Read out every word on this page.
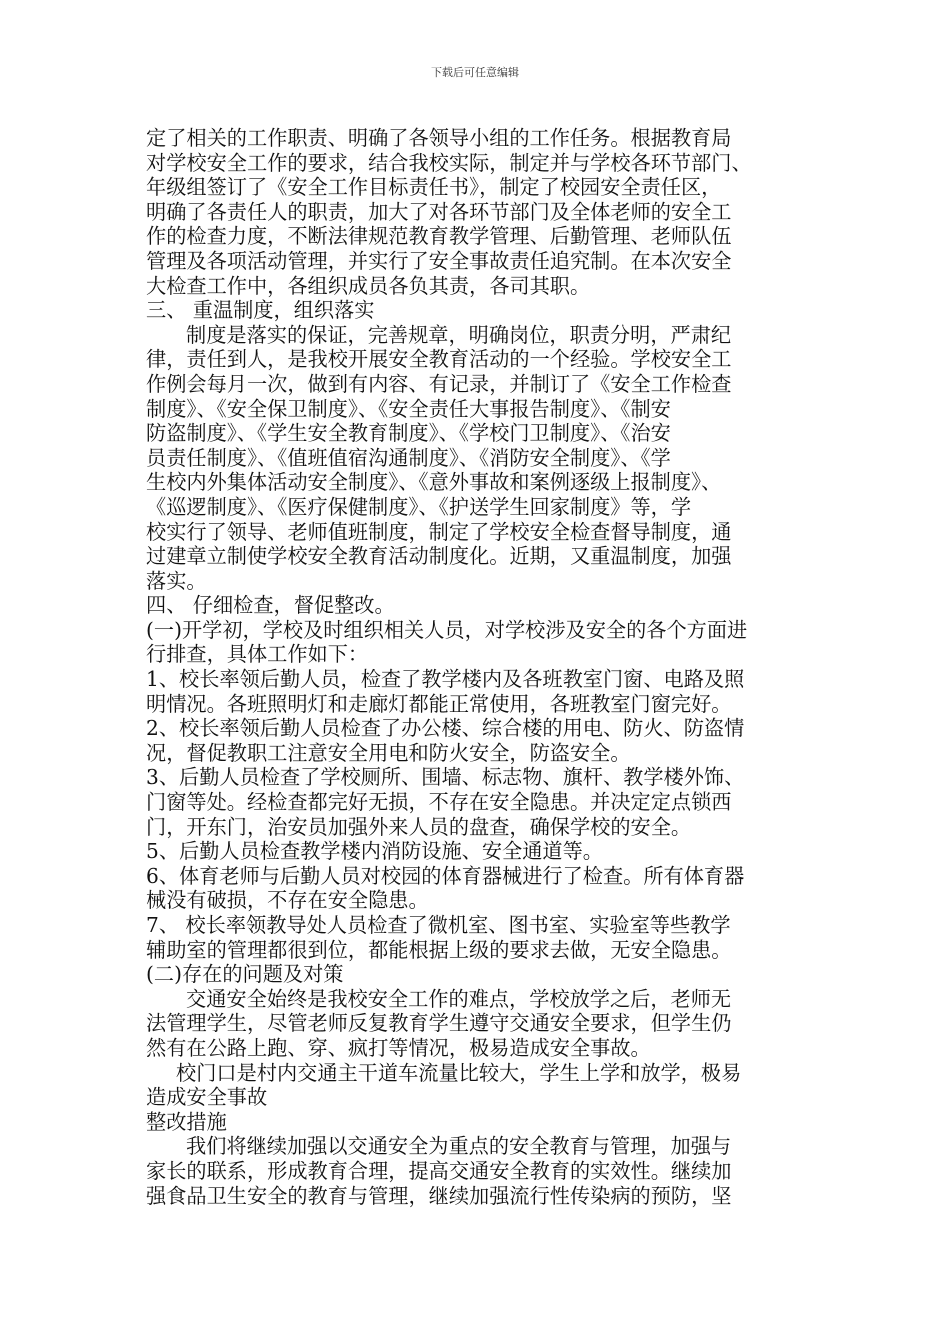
下载后可任意编辑
定了相关的工作职责、明确了各领导小组的工作任务。根据教育局
对学校安全工作的要求，结合我校实际，制定并与学校各环节部门、
年级组签订了《安全工作目标责任书》，制定了校园安全责任区，
明确了各责任人的职责，加大了对各环节部门及全体老师的安全工
作的检查力度，不断法律规范教育教学管理、后勤管理、老师队伍
管理及各项活动管理，并实行了安全事故责任追究制。在本次安全
大检查工作中，各组织成员各负其责，各司其职。
三、 重温制度，组织落实
制度是落实的保证，完善规章，明确岗位，职责分明，严肃纪
律，责任到人，是我校开展安全教育活动的一个经验。学校安全工
作例会每月一次，做到有内容、有记录，并制订了《安全工作检查
制度》、《安全保卫制度》、《安全责任大事报告制度》、《制安
防盗制度》、《学生安全教育制度》、《学校门卫制度》、《治安
员责任制度》、《值班值宿沟通制度》、《消防安全制度》、《学
生校内外集体活动安全制度》、《意外事故和案例逐级上报制度》、
《巡逻制度》、《医疗保健制度》、《护送学生回家制度》等，学
校实行了领导、老师值班制度，制定了学校安全检查督导制度，通
过建章立制使学校安全教育活动制度化。近期，又重温制度，加强
落实。
四、 仔细检查，督促整改。
(一)开学初，学校及时组织相关人员，对学校涉及安全的各个方面进
行排查，具体工作如下：
1、校长率领后勤人员，检查了教学楼内及各班教室门窗、电路及照
明情况。各班照明灯和走廊灯都能正常使用，各班教室门窗完好。
2、校长率领后勤人员检查了办公楼、综合楼的用电、防火、防盗情
况，督促教职工注意安全用电和防火安全，防盗安全。
3、后勤人员检查了学校厕所、围墙、标志物、旗杆、教学楼外饰、
门窗等处。经检查都完好无损，不存在安全隐患。并决定定点锁西
门，开东门，治安员加强外来人员的盘查，确保学校的安全。
5、后勤人员检查教学楼内消防设施、安全通道等。
6、体育老师与后勤人员对校园的体育器械进行了检查。所有体育器
械没有破损，不存在安全隐患。
7、 校长率领教导处人员检查了微机室、图书室、实验室等些教学
辅助室的管理都很到位，都能根据上级的要求去做，无安全隐患。
(二)存在的问题及对策
交通安全始终是我校安全工作的难点，学校放学之后，老师无
法管理学生，尽管老师反复教育学生遵守交通安全要求，但学生仍
然有在公路上跑、穿、疯打等情况，极易造成安全事故。
校门口是村内交通主干道车流量比较大，学生上学和放学，极易
造成安全事故
整改措施
我们将继续加强以交通安全为重点的安全教育与管理，加强与
家长的联系，形成教育合理，提高交通安全教育的实效性。继续加
强食品卫生安全的教育与管理，继续加强流行性传染病的预防，坚
